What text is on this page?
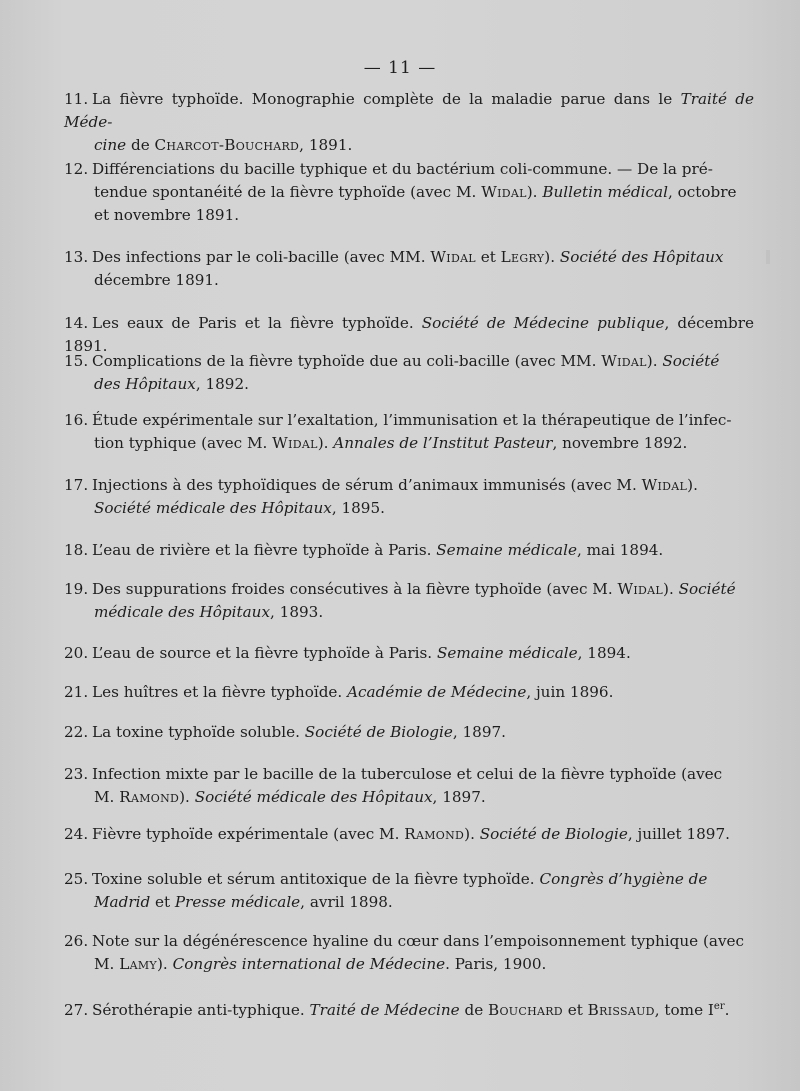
— 11 —
11. La fièvre typhoïde. Monographie complète de la maladie parue dans le Traité de Méde-
cine de Charcot-Bouchard, 1891.
12. Différenciations du bacille typhique et du bactérium coli-commune. — De la pré-
tendue spontanéité de la fièvre typhoïde (avec M. Widal). Bulletin médical, octobre
et novembre 1891.
13. Des infections par le coli-bacille (avec MM. Widal et Legry). Société des Hôpitaux
décembre 1891.
14. Les eaux de Paris et la fièvre typhoïde. Société de Médecine publique, décembre 1891.
15. Complications de la fièvre typhoïde due au coli-bacille (avec MM. Widal). Société
des Hôpitaux, 1892.
16. Étude expérimentale sur l’exaltation, l’immunisation et la thérapeutique de l’infec-
tion typhique (avec M. Widal). Annales de l’Institut Pasteur, novembre 1892.
17. Injections à des typhoïdiques de sérum d’animaux immunisés (avec M. Widal).
Société médicale des Hôpitaux, 1895.
18. L’eau de rivière et la fièvre typhoïde à Paris. Semaine médicale, mai 1894.
19. Des suppurations froides consécutives à la fièvre typhoïde (avec M. Widal). Société
médicale des Hôpitaux, 1893.
20. L’eau de source et la fièvre typhoïde à Paris. Semaine médicale, 1894.
21. Les huîtres et la fièvre typhoïde. Académie de Médecine, juin 1896.
22. La toxine typhoïde soluble. Société de Biologie, 1897.
23. Infection mixte par le bacille de la tuberculose et celui de la fièvre typhoïde (avec
M. Ramond). Société médicale des Hôpitaux, 1897.
24. Fièvre typhoïde expérimentale (avec M. Ramond). Société de Biologie, juillet 1897.
25. Toxine soluble et sérum antitoxique de la fièvre typhoïde. Congrès d’hygiène de
Madrid et Presse médicale, avril 1898.
26. Note sur la dégénérescence hyaline du cœur dans l’empoisonnement typhique (avec
M. Lamy). Congrès international de Médecine. Paris, 1900.
27. Sérothérapie anti-typhique. Traité de Médecine de Bouchard et Brissaud, tome Ier.
